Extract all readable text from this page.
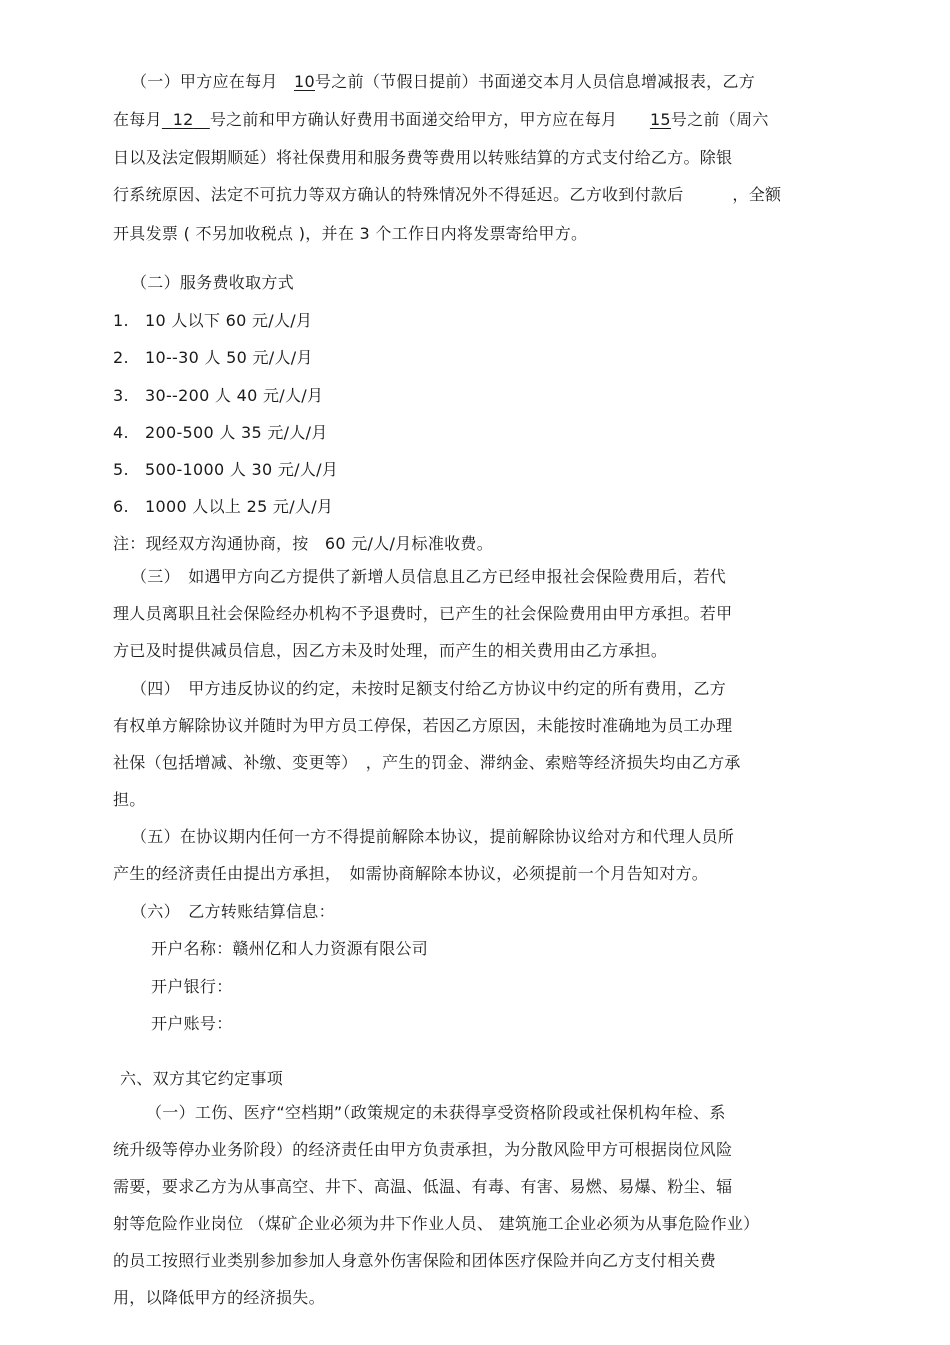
（一）甲方应在每月　 10号之前（节假日提前）书面递交本月人员信息增减报表，乙方
在每月 12 号之前和甲方确认好费用书面递交给甲方，甲方应在每月　　 15号之前（周六
日以及法定假期顺延）将社保费用和服务费等费用以转账结算的方式支付给乙方。除银
行系统原因、法定不可抗力等双方确认的特殊情况外不得延迟。乙方收到付款后　　　	，全额
开具发票 ( 不另加收税点 )，并在 3 个工作日内将发票寄给甲方。
（二）服务费收取方式
1. 10 人以下 60 元/人/月
2. 10--30 人 50 元/人/月
3. 30--200 人 40 元/人/月
4. 200-500 人 35 元/人/月
5. 500-1000 人 30 元/人/月
6. 1000 人以上 25 元/人/月
注：现经双方沟通协商，按　60 元/人/月标准收费。
（三）　如遇甲方向乙方提供了新增人员信息且乙方已经申报社会保险费用后，若代
理人员离职且社会保险经办机构不予退费时，已产生的社会保险费用由甲方承担。若甲
方已及时提供减员信息，因乙方未及时处理，而产生的相关费用由乙方承担。
（四）　甲方违反协议的约定，未按时足额支付给乙方协议中约定的所有费用，乙方
有权单方解除协议并随时为甲方员工停保，若因乙方原因，未能按时准确地为员工办理
社保（包括增减、补缴、变更等）　，产生的罚金、滞纳金、索赔等经济损失均由乙方承
担。
（五）在协议期内任何一方不得提前解除本协议，提前解除协议给对方和代理人员所
产生的经济责任由提出方承担，　如需协商解除本协议，必须提前一个月告知对方。
（六）　乙方转账结算信息：
开户名称：赣州亿和人力资源有限公司
开户银行：
开户账号：
六、双方其它约定事项
（一）工伤、医疗“空档期”（政策规定的未获得享受资格阶段或社保机构年检、系
统升级等停办业务阶段）的经济责任由甲方负责承担，为分散风险甲方可根据岗位风险
需要，要求乙方为从事高空、井下、高温、低温、有毒、有害、易燃、易爆、粉尘、辐
射等危险作业岗位 （煤矿企业必须为井下作业人员、 建筑施工企业必须为从事危险作业）
的员工按照行业类别参加参加人身意外伤害保险和团体医疗保险并向乙方支付相关费
用，以降低甲方的经济损失。
